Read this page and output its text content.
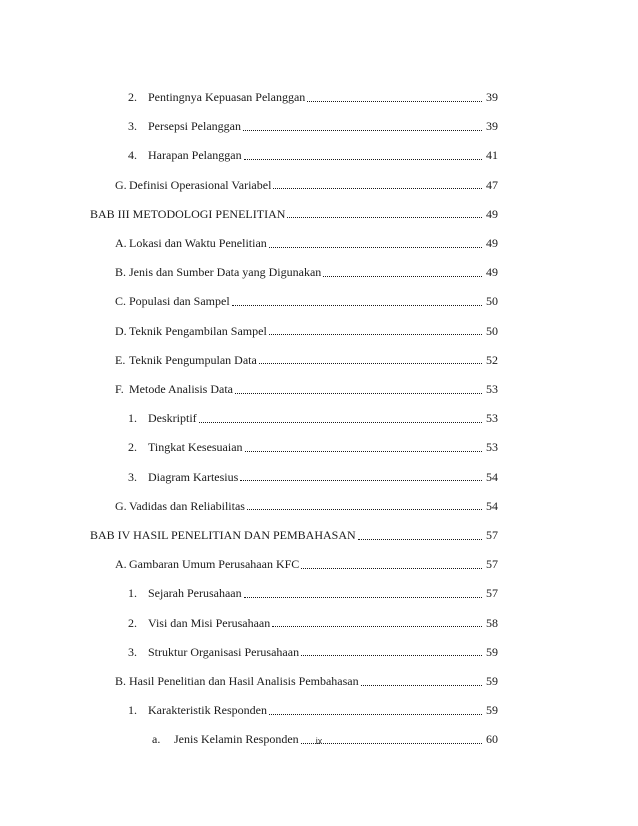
2. Pentingnya Kepuasan Pelanggan	39
3. Persepsi Pelanggan	39
4. Harapan Pelanggan	41
G. Definisi Operasional Variabel	47
BAB III METODOLOGI PENELITIAN	49
A. Lokasi dan Waktu Penelitian	49
B. Jenis dan Sumber Data yang Digunakan	49
C. Populasi dan Sampel	50
D. Teknik Pengambilan Sampel	50
E. Teknik Pengumpulan Data	52
F. Metode Analisis Data	53
1. Deskriptif	53
2. Tingkat Kesesuaian	53
3. Diagram Kartesius	54
G. Vadidas dan Reliabilitas	54
BAB IV HASIL PENELITIAN DAN PEMBAHASAN	57
A. Gambaran Umum Perusahaan KFC	57
1. Sejarah Perusahaan	57
2. Visi dan Misi Perusahaan	58
3. Struktur Organisasi Perusahaan	59
B. Hasil Penelitian dan Hasil Analisis Pembahasan	59
1. Karakteristik Responden	59
a.	Jenis Kelamin Responden	60
ix
